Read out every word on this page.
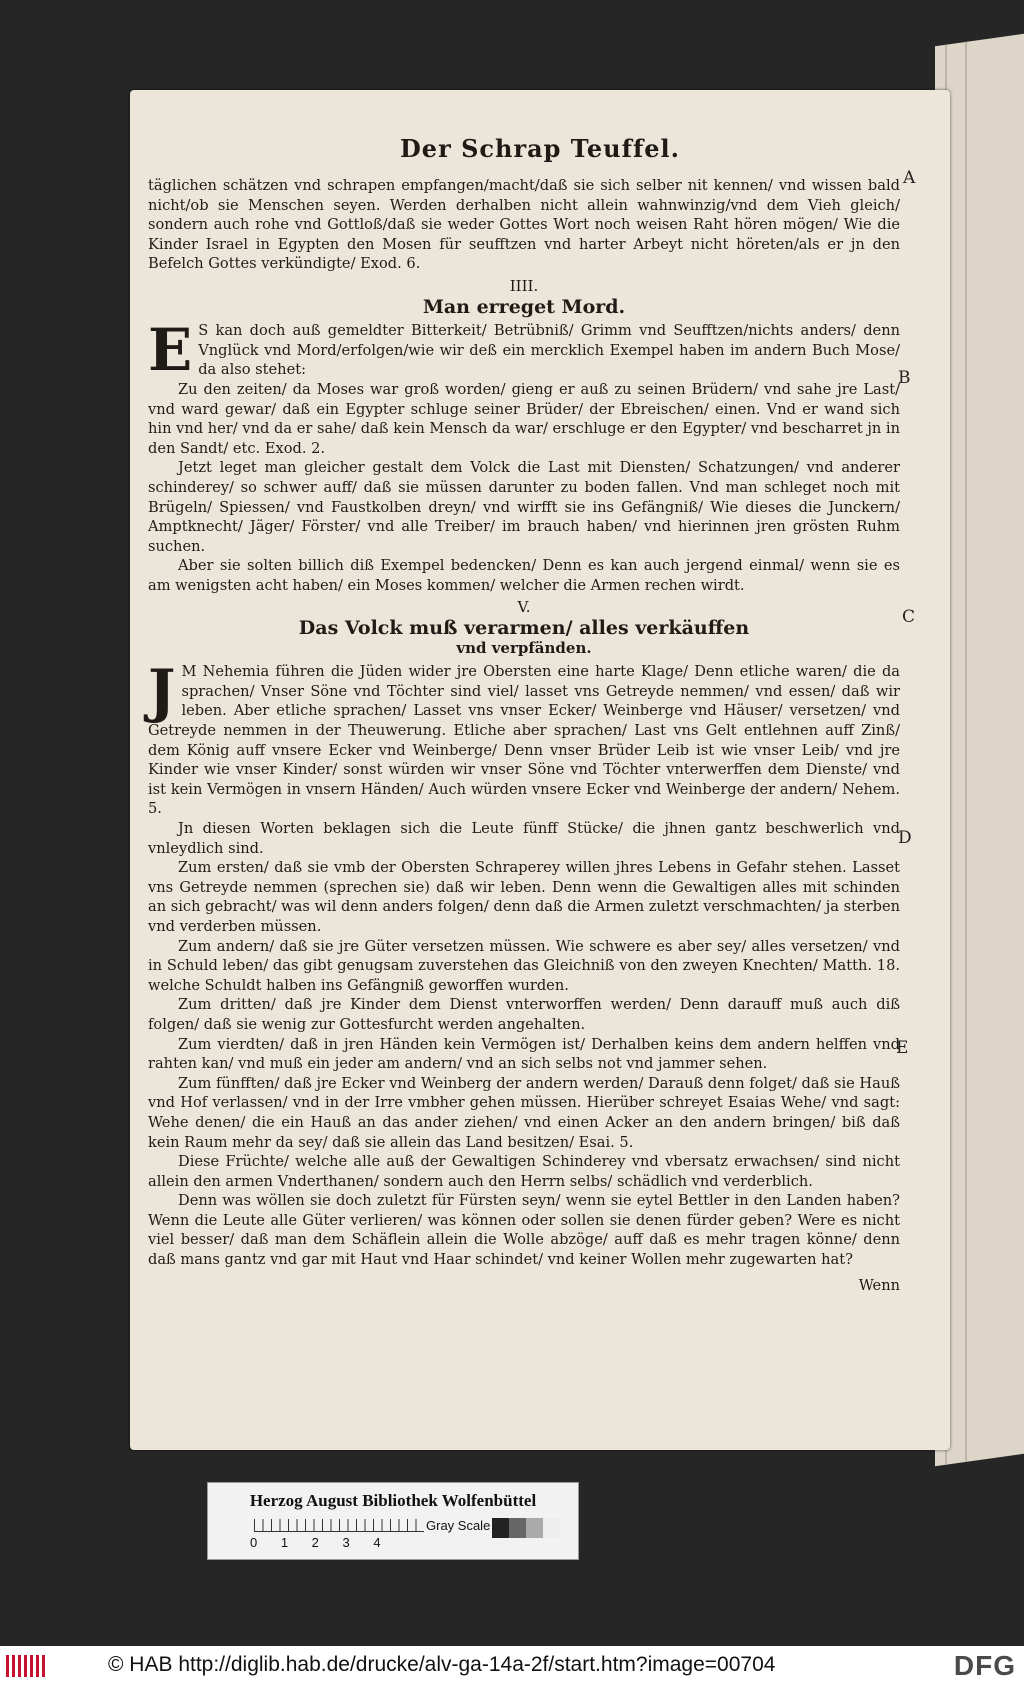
Der Schrap Teuffel.

täglichen schätzen vnd schrapen empfangen/macht/daß sie sich selber nit kennen/ vnd wissen bald nicht/ob sie Menschen seyen. Werden derhalben nicht allein wahnwinzig/vnd dem Vieh gleich/ sondern auch rohe vnd Gottloß/daß sie weder Gottes Wort noch weisen Raht hören mögen/ Wie die Kinder Israel in Egypten den Mosen für seufftzen vnd harter Arbeyt nicht höreten/als er jn den Befelch Gottes verkündigte/ Exod. 6.

IIII.
Man erreget Mord.

E S kan doch auß gemeldter Bitterkeit/ Betrübniß/ Grimm vnd Seufftzen/nichts anders/ denn Vnglück vnd Mord/erfolgen/wie wir deß ein mercklich Exempel haben im andern Buch Mose/ da also stehet:

Zu den zeiten/ da Moses war groß worden/ gieng er auß zu seinen Brüdern/ vnd sahe jre Last/ vnd ward gewar/ daß ein Egypter schluge seiner Brüder/ der Ebreischen/ einen. Vnd er wand sich hin vnd her/ vnd da er sahe/ daß kein Mensch da war/ erschluge er den Egypter/ vnd bescharret jn in den Sandt/ etc. Exod. 2.

Jetzt leget man gleicher gestalt dem Volck die Last mit Diensten/ Schatzungen/ vnd anderer schinderey/ so schwer auff/ daß sie müssen darunter zu boden fallen. Vnd man schleget noch mit Brügeln/ Spiessen/ vnd Faustkolben dreyn/ vnd wirfft sie ins Gefängniß/ Wie dieses die Junckern/ Amptknecht/ Jäger/ Förster/ vnd alle Treiber/ im brauch haben/ vnd hierinnen jren grösten Ruhm suchen.

Aber sie solten billich diß Exempel bedencken/ Denn es kan auch jergend einmal/ wenn sie es am wenigsten acht haben/ ein Moses kommen/ welcher die Armen rechen wirdt.

V.
Das Volck muß verarmen/ alles verkäuffen
vnd verpfänden.

J M Nehemia führen die Jüden wider jre Obersten eine harte Klage/ Denn etliche waren/ die da sprachen/ Vnser Söne vnd Töchter sind viel/ lasset vns Getreyde nemmen/ vnd essen/ daß wir leben. Aber etliche sprachen/ Lasset vns vnser Ecker/ Weinberge vnd Häuser/ versetzen/ vnd Getreyde nemmen in der Theuwerung. Etliche aber sprachen/ Last vns Gelt entlehnen auff Zinß/ dem König auff vnsere Ecker vnd Weinberge/ Denn vnser Brüder Leib ist wie vnser Leib/ vnd jre Kinder wie vnser Kinder/ sonst würden wir vnser Söne vnd Töchter vnterwerffen dem Dienste/ vnd ist kein Vermögen in vnsern Händen/ Auch würden vnsere Ecker vnd Weinberge der andern/ Nehem. 5.

Jn diesen Worten beklagen sich die Leute fünff Stücke/ die jhnen gantz beschwerlich vnd vnleydlich sind.

Zum ersten/ daß sie vmb der Obersten Schraperey willen jhres Lebens in Gefahr stehen. Lasset vns Getreyde nemmen (sprechen sie) daß wir leben. Denn wenn die Gewaltigen alles mit schinden an sich gebracht/ was wil denn anders folgen/ denn daß die Armen zuletzt verschmachten/ ja sterben vnd verderben müssen.

Zum andern/ daß sie jre Güter versetzen müssen. Wie schwere es aber sey/ alles versetzen/ vnd in Schuld leben/ das gibt genugsam zuverstehen das Gleichniß von den zweyen Knechten/ Matth. 18. welche Schuldt halben ins Gefängniß geworffen wurden.

Zum dritten/ daß jre Kinder dem Dienst vnterworffen werden/ Denn darauff muß auch diß folgen/ daß sie wenig zur Gottesfurcht werden angehalten.

Zum vierdten/ daß in jren Händen kein Vermögen ist/ Derhalben keins dem andern helffen vnd rahten kan/ vnd muß ein jeder am andern/ vnd an sich selbs not vnd jammer sehen.

Zum fünfften/ daß jre Ecker vnd Weinberg der andern werden/ Darauß denn folget/ daß sie Hauß vnd Hof verlassen/ vnd in der Irre vmbher gehen müssen. Hierüber schreyet Esaias Wehe/ vnd sagt: Wehe denen/ die ein Hauß an das ander ziehen/ vnd einen Acker an den andern bringen/ biß daß kein Raum mehr da sey/ daß sie allein das Land besitzen/ Esai. 5.

Diese Früchte/ welche alle auß der Gewaltigen Schinderey vnd vbersatz erwachsen/ sind nicht allein den armen Vnderthanen/ sondern auch den Herrn selbs/ schädlich vnd verderblich.

Denn was wöllen sie doch zuletzt für Fürsten seyn/ wenn sie eytel Bettler in den Landen haben? Wenn die Leute alle Güter verlieren/ was können oder sollen sie denen fürder geben? Were es nicht viel besser/ daß man dem Schäflein allein die Wolle abzöge/ auff daß es mehr tragen könne/ denn daß mans gantz vnd gar mit Haut vnd Haar schindet/ vnd keiner Wollen mehr zugewarten hat?

Wenn
A
B
C
D
E
Herzog August Bibliothek Wolfenbüttel
0 1 2 3 4
Gray Scale
© HAB http://diglib.hab.de/drucke/alv-ga-14a-2f/start.htm?image=00704	DFG
